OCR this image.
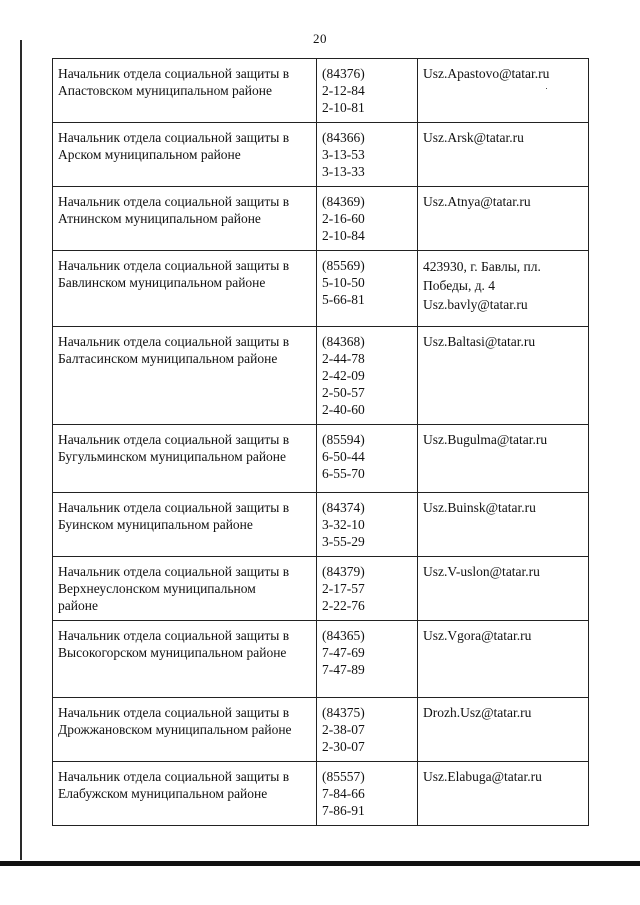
20
Начальник отдела социальной защиты в
Апастовском муниципальном районе	(84376)
2-12-84
2-10-81	Usz.Apastovo@tatar.ru

Начальник отдела социальной защиты в
Арском муниципальном районе	(84366)
3-13-53
3-13-33	Usz.Arsk@tatar.ru

Начальник отдела социальной защиты в
Атнинском муниципальном районе	(84369)
2-16-60
2-10-84	Usz.Atnya@tatar.ru

Начальник отдела социальной защиты в
Бавлинском муниципальном районе	(85569)
5-10-50
5-66-81	423930, г. Бавлы, пл.
Победы, д. 4
Usz.bavly@tatar.ru

Начальник отдела социальной защиты в
Балтасинском муниципальном районе	(84368)
2-44-78
2-42-09
2-50-57
2-40-60	Usz.Baltasi@tatar.ru

Начальник отдела социальной защиты в
Бугульминском муниципальном районе	(85594)
6-50-44
6-55-70	Usz.Bugulma@tatar.ru

Начальник отдела социальной защиты в
Буинском муниципальном районе	(84374)
3-32-10
3-55-29	Usz.Buinsk@tatar.ru

Начальник отдела социальной защиты в
Верхнеуслонском муниципальном районе	(84379)
2-17-57
2-22-76	Usz.V-uslon@tatar.ru

Начальник отдела социальной защиты в
Высокогорском муниципальном районе	(84365)
7-47-69
7-47-89	Usz.Vgora@tatar.ru

Начальник отдела социальной защиты в
Дрожжановском муниципальном районе	(84375)
2-38-07
2-30-07	Drozh.Usz@tatar.ru

Начальник отдела социальной защиты в
Елабужском муниципальном районе	(85557)
7-84-66
7-86-91	Usz.Elabuga@tatar.ru
